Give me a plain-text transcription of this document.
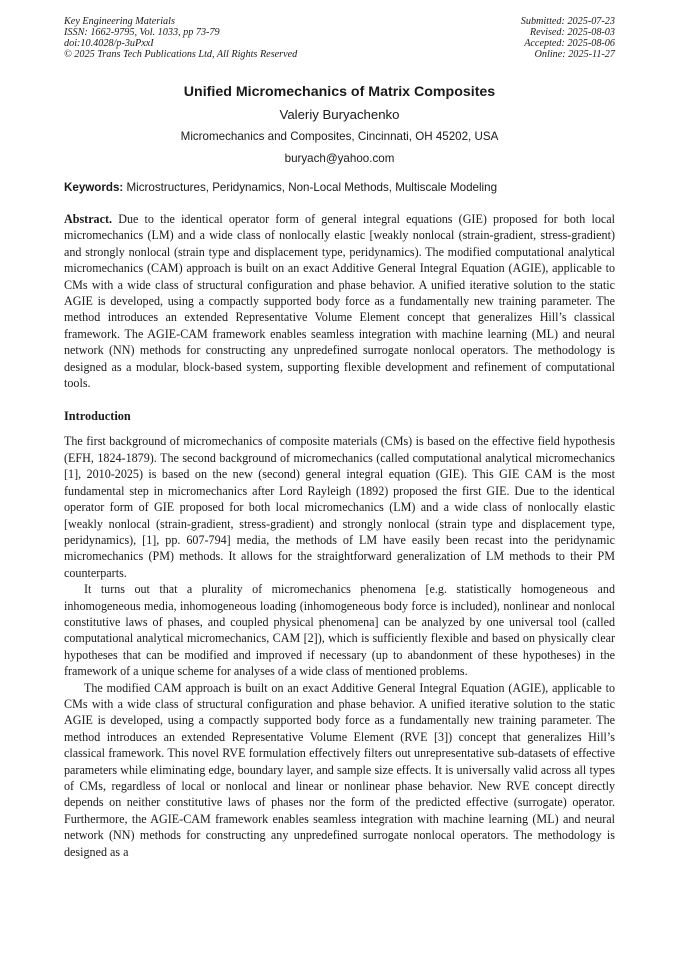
Key Engineering Materials
ISSN: 1662-9795, Vol. 1033, pp 73-79
doi:10.4028/p-3uPxxI
© 2025 Trans Tech Publications Ltd, All Rights Reserved
Submitted: 2025-07-23
Revised: 2025-08-03
Accepted: 2025-08-06
Online: 2025-11-27
Unified Micromechanics of Matrix Composites
Valeriy Buryachenko
Micromechanics and Composites, Cincinnati, OH 45202, USA
buryach@yahoo.com
Keywords: Microstructures, Peridynamics, Non-Local Methods, Multiscale Modeling
Abstract. Due to the identical operator form of general integral equations (GIE) proposed for both local micromechanics (LM) and a wide class of nonlocally elastic [weakly nonlocal (strain-gradient, stress-gradient) and strongly nonlocal (strain type and displacement type, peridynamics). The modified computational analytical micromechanics (CAM) approach is built on an exact Additive General Integral Equation (AGIE), applicable to CMs with a wide class of structural configuration and phase behavior. A unified iterative solution to the static AGIE is developed, using a compactly supported body force as a fundamentally new training parameter. The method introduces an extended Representative Volume Element concept that generalizes Hill’s classical framework. The AGIE-CAM framework enables seamless integration with machine learning (ML) and neural network (NN) methods for constructing any unpredefined surrogate nonlocal operators. The methodology is designed as a modular, block-based system, supporting flexible development and refinement of computational tools.
Introduction

The first background of micromechanics of composite materials (CMs) is based on the effective field hypothesis (EFH, 1824-1879). The second background of micromechanics (called computational analytical micromechanics [1], 2010-2025) is based on the new (second) general integral equation (GIE). This GIE CAM is the most fundamental step in micromechanics after Lord Rayleigh (1892) proposed the first GIE. Due to the identical operator form of GIE proposed for both local micromechanics (LM) and a wide class of nonlocally elastic [weakly nonlocal (strain-gradient, stress-gradient) and strongly nonlocal (strain type and displacement type, peridynamics), [1], pp. 607-794] media, the methods of LM have easily been recast into the peridynamic micromechanics (PM) methods. It allows for the straightforward generalization of LM methods to their PM counterparts.

It turns out that a plurality of micromechanics phenomena [e.g. statistically homogeneous and inhomogeneous media, inhomogeneous loading (inhomogeneous body force is included), nonlinear and nonlocal constitutive laws of phases, and coupled physical phenomena] can be analyzed by one universal tool (called computational analytical micromechanics, CAM [2]), which is sufficiently flexible and based on physically clear hypotheses that can be modified and improved if necessary (up to abandonment of these hypotheses) in the framework of a unique scheme for analyses of a wide class of mentioned problems.

The modified CAM approach is built on an exact Additive General Integral Equation (AGIE), applicable to CMs with a wide class of structural configuration and phase behavior. A unified iterative solution to the static AGIE is developed, using a compactly supported body force as a fundamentally new training parameter. The method introduces an extended Representative Volume Element (RVE [3]) concept that generalizes Hill’s classical framework. This novel RVE formulation effectively filters out unrepresentative sub-datasets of effective parameters while eliminating edge, boundary layer, and sample size effects. It is universally valid across all types of CMs, regardless of local or nonlocal and linear or nonlinear phase behavior. New RVE concept directly depends on neither constitutive laws of phases nor the form of the predicted effective (surrogate) operator. Furthermore, the AGIE-CAM framework enables seamless integration with machine learning (ML) and neural network (NN) methods for constructing any unpredefined surrogate nonlocal operators. The methodology is designed as a
